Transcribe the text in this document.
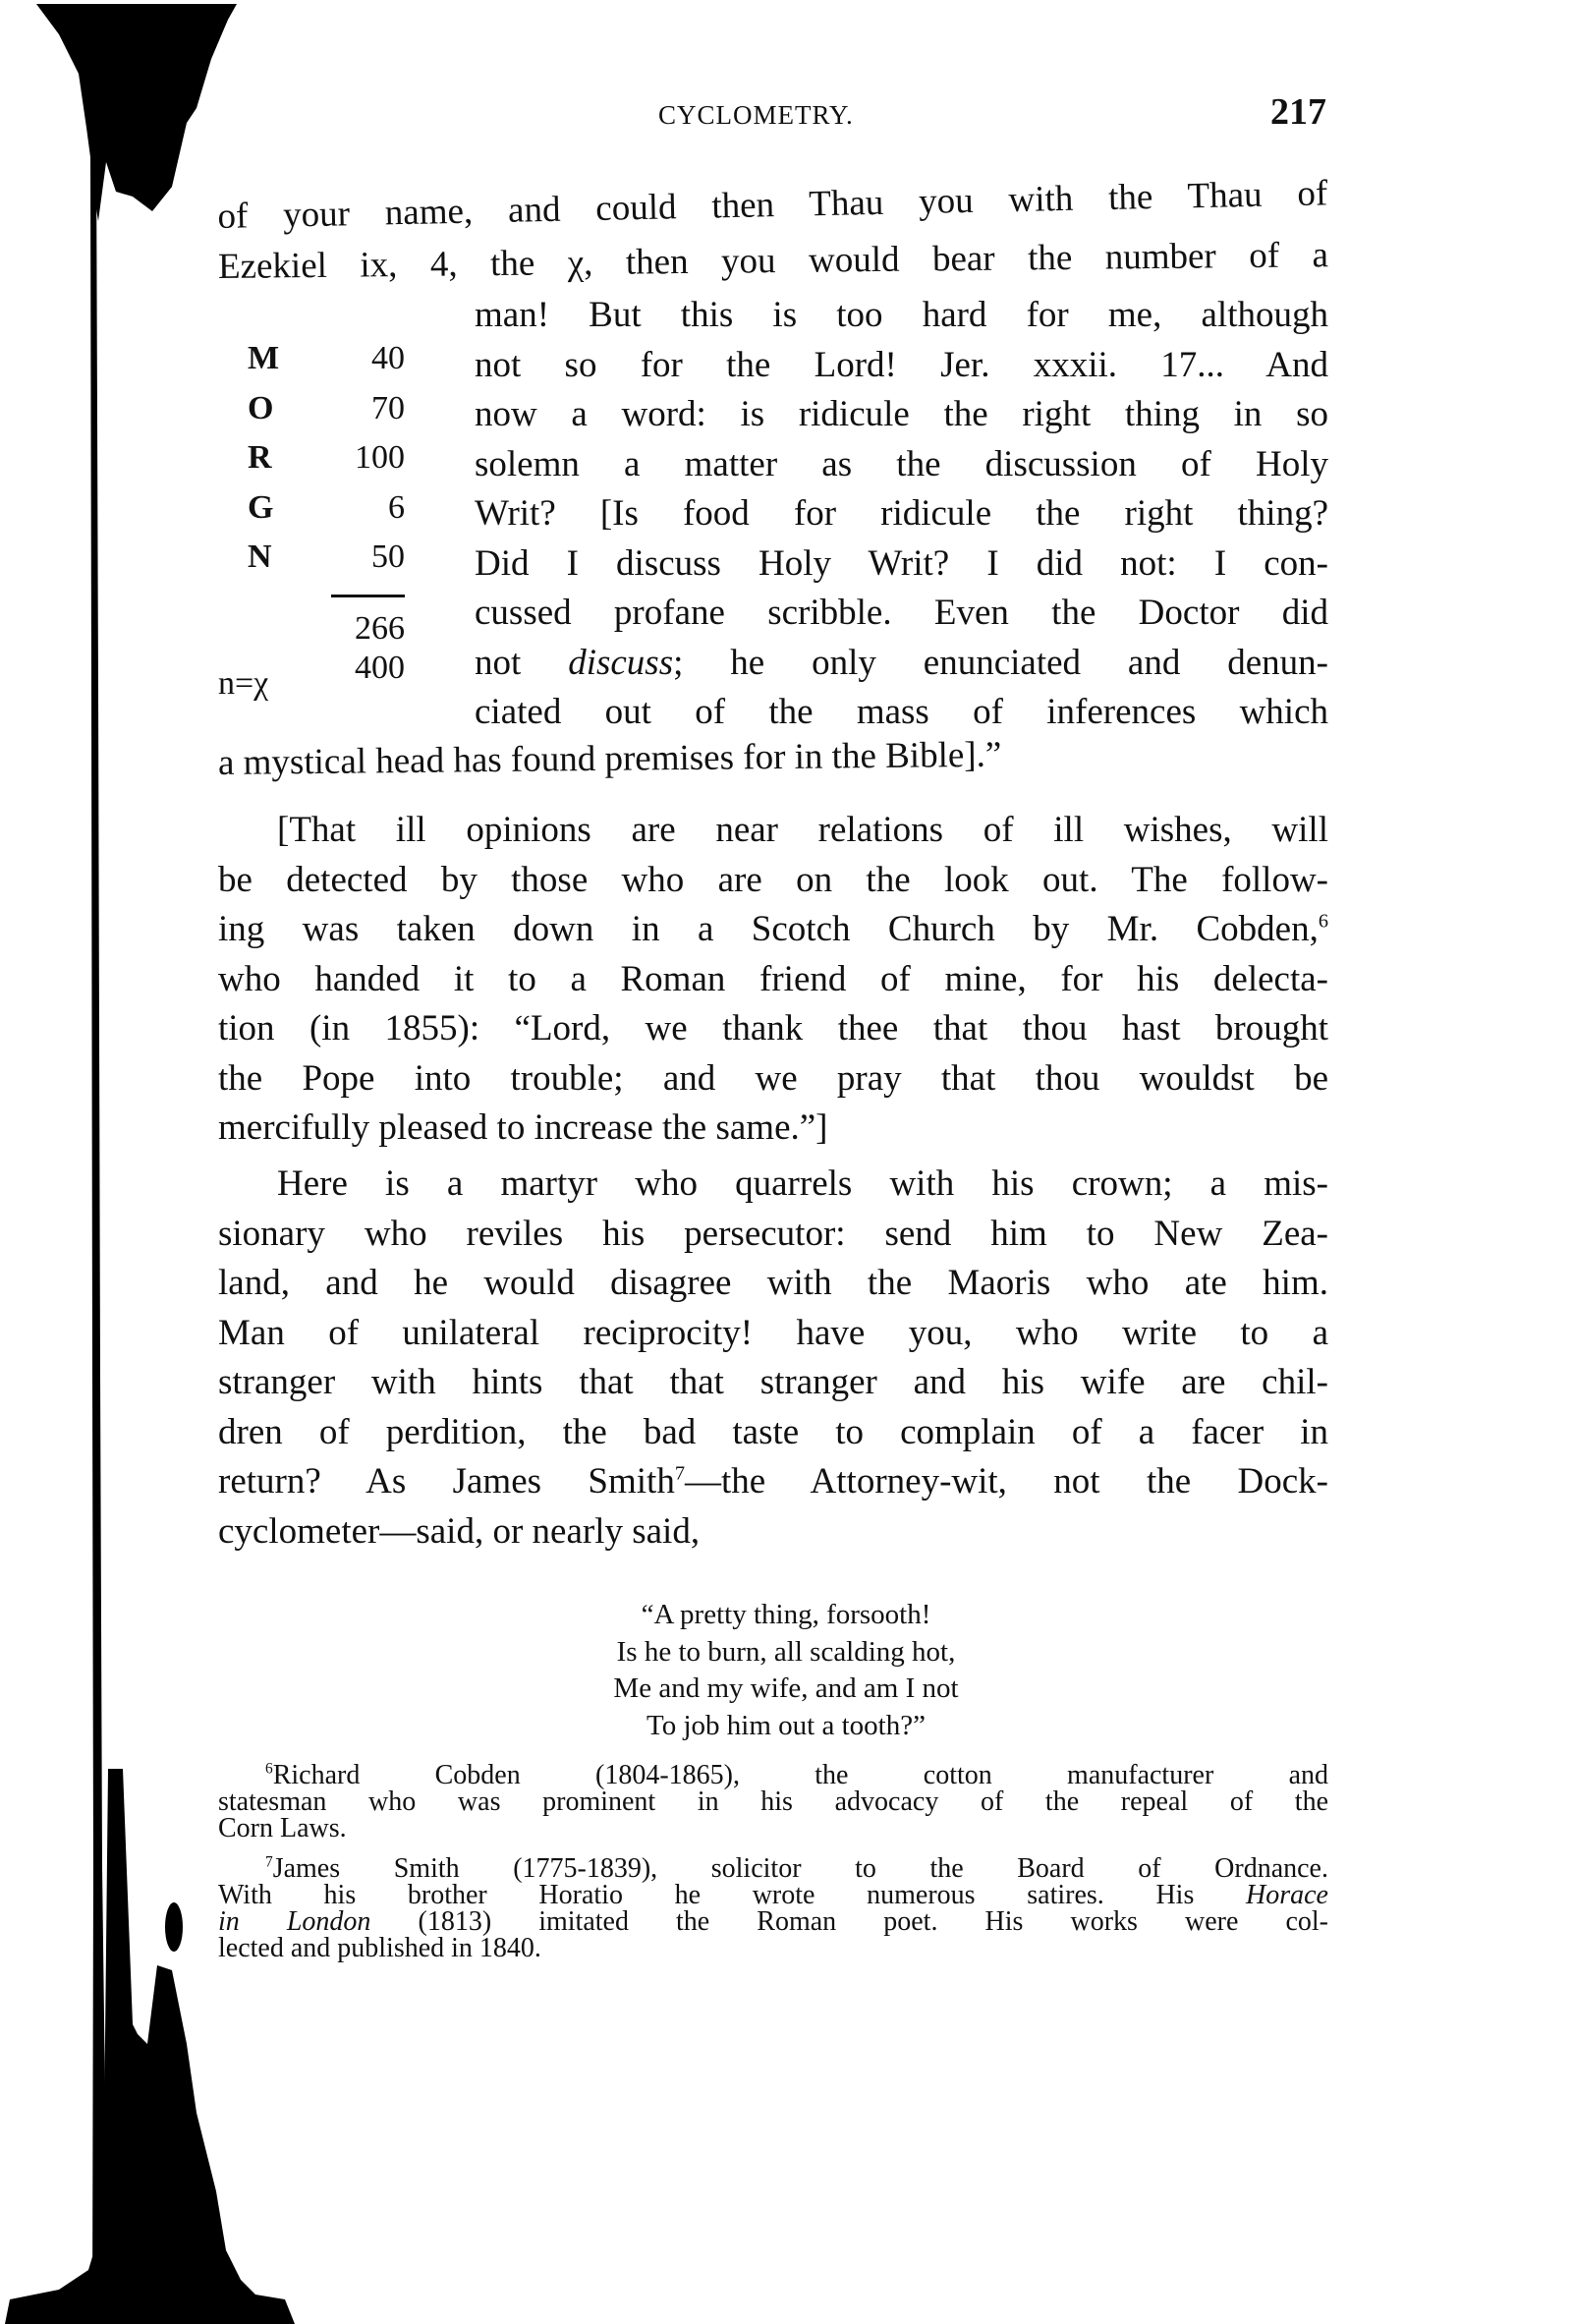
CYCLOMETRY.	217
of your name, and could then Thau you with the Thau of
Ezekiel ix, 4, the χ, then you would bear the number of a
M	40
O	70
R 100
G	6
N	50
266
n=χ	400
man! But this is too hard for me, although
not so for the Lord! Jer. xxxii. 17... And
now a word: is ridicule the right thing in so
solemn a matter as the discussion of Holy
Writ? [Is food for ridicule the right thing?
Did I discuss Holy Writ? I did not: I con-
cussed profane scribble. Even the Doctor did
not discuss; he only enunciated and denun-
ciated out of the mass of inferences which
a mystical head has found premises for in the Bible].”
[That ill opinions are near relations of ill wishes, will
be detected by those who are on the look out. The follow-
ing was taken down in a Scotch Church by Mr. Cobden,$^6$
who handed it to a Roman friend of mine, for his delecta-
tion (in 1855): “Lord, we thank thee that thou hast brought
the Pope into trouble; and we pray that thou wouldst be
mercifully pleased to increase the same.”]
Here is a martyr who quarrels with his crown; a mis-
sionary who reviles his persecutor: send him to New Zea-
land, and he would disagree with the Maoris who ate him.
Man of unilateral reciprocity! have you, who write to a
stranger with hints that that stranger and his wife are chil-
dren of perdition, the bad taste to complain of a facer in
return? As James Smith$^7$—the Attorney-wit, not the Dock-
cyclometer—said, or nearly said,
“A pretty thing, forsooth!
Is he to burn, all scalding hot,
Me and my wife, and am I not
To job him out a tooth?”
$^6$Richard Cobden (1804-1865), the cotton manufacturer and
statesman who was prominent in his advocacy of the repeal of the
Corn Laws.
$^7$James Smith (1775-1839), solicitor to the Board of Ordnance.
With his brother Horatio he wrote numerous satires. His Horace
in London (1813) imitated the Roman poet. His works were col-
lected and published in 1840.
